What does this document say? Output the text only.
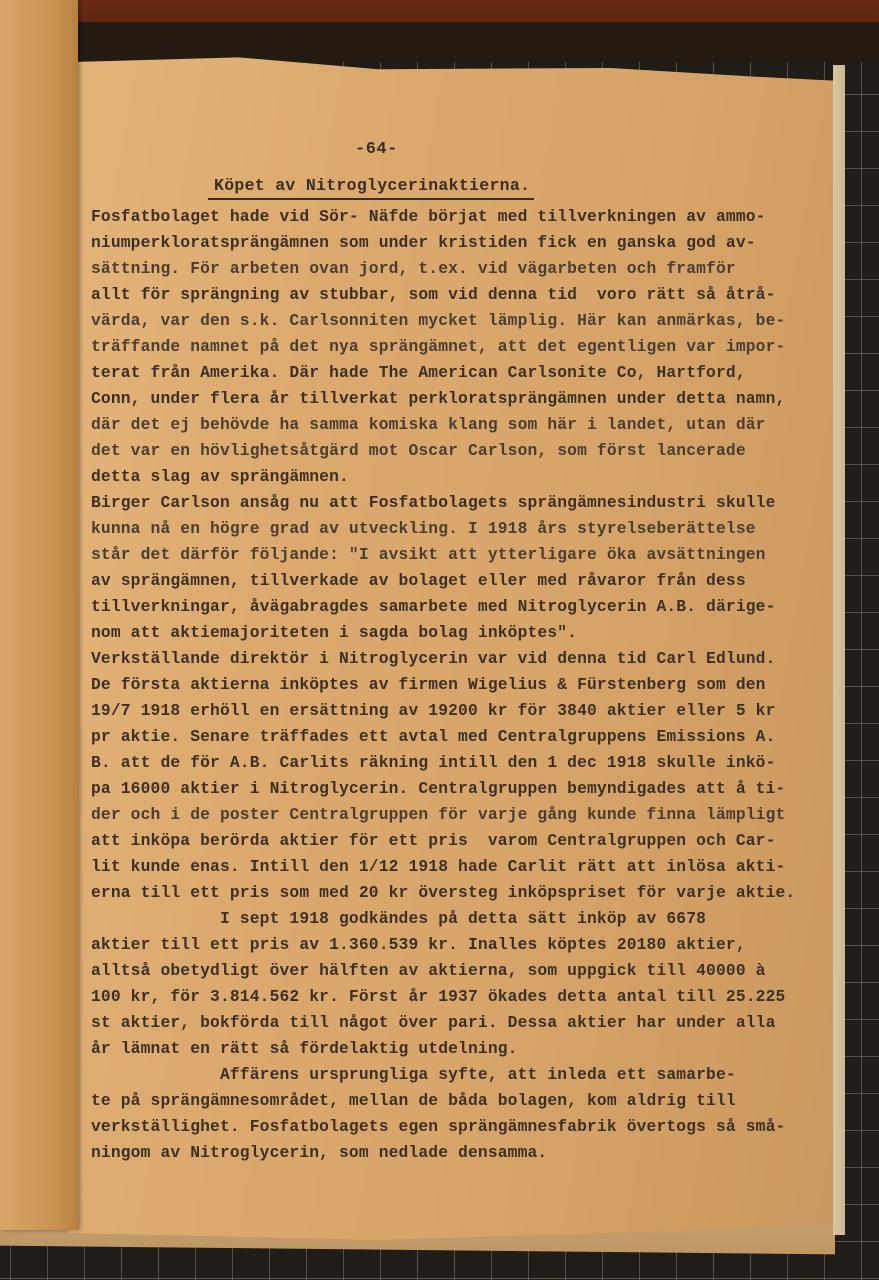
-64-
Köpet av Nitroglycerinaktierna.
Fosfatbolaget hade vid Sör- Näfde börjat med tillverkningen av ammo-
niumperkloratsprängämnen som under kristiden fick en ganska god av-
sättning. För arbeten ovan jord, t.ex. vid vägarbeten och framför
allt för sprängning av stubbar, som vid denna tid  voro rätt så åtrå-
värda, var den s.k. Carlsonniten mycket lämplig. Här kan anmärkas, be-
träffande namnet på det nya sprängämnet, att det egentligen var impor-
terat från Amerika. Där hade The American Carlsonite Co, Hartford,
Conn, under flera år tillverkat perkloratsprängämnen under detta namn,
där det ej behövde ha samma komiska klang som här i landet, utan där
det var en hövlighetsåtgärd mot Oscar Carlson, som först lancerade
detta slag av sprängämnen.
Birger Carlson ansåg nu att Fosfatbolagets sprängämnesindustri skulle
kunna nå en högre grad av utveckling. I 1918 års styrelseberättelse
står det därför följande: "I avsikt att ytterligare öka avsättningen
av sprängämnen, tillverkade av bolaget eller med råvaror från dess
tillverkningar, åvägabragdes samarbete med Nitroglycerin A.B. därige-
nom att aktiemajoriteten i sagda bolag inköptes".
Verkställande direktör i Nitroglycerin var vid denna tid Carl Edlund.
De första aktierna inköptes av firmen Wigelius & Fürstenberg som den
19/7 1918 erhöll en ersättning av 19200 kr för 3840 aktier eller 5 kr
pr aktie. Senare träffades ett avtal med Centralgruppens Emissions A.
B. att de för A.B. Carlits räkning intill den 1 dec 1918 skulle inkö-
pa 16000 aktier i Nitroglycerin. Centralgruppen bemyndigades att å ti-
der och i de poster Centralgruppen för varje gång kunde finna lämpligt
att inköpa berörda aktier för ett pris  varom Centralgruppen och Car-
lit kunde enas. Intill den 1/12 1918 hade Carlit rätt att inlösa akti-
erna till ett pris som med 20 kr översteg inköpspriset för varje aktie.
I sept 1918 godkändes på detta sätt inköp av 6678
aktier till ett pris av 1.360.539 kr. Inalles köptes 20180 aktier,
alltså obetydligt över hälften av aktierna, som uppgick till 40000 à
100 kr, för 3.814.562 kr. Först år 1937 ökades detta antal till 25.225
st aktier, bokförda till något över pari. Dessa aktier har under alla
år lämnat en rätt så fördelaktig utdelning.
Affärens ursprungliga syfte, att inleda ett samarbe-
te på sprängämnesområdet, mellan de båda bolagen, kom aldrig till
verkställighet. Fosfatbolagets egen sprängämnesfabrik övertogs så små-
ningom av Nitroglycerin, som nedlade densamma.
